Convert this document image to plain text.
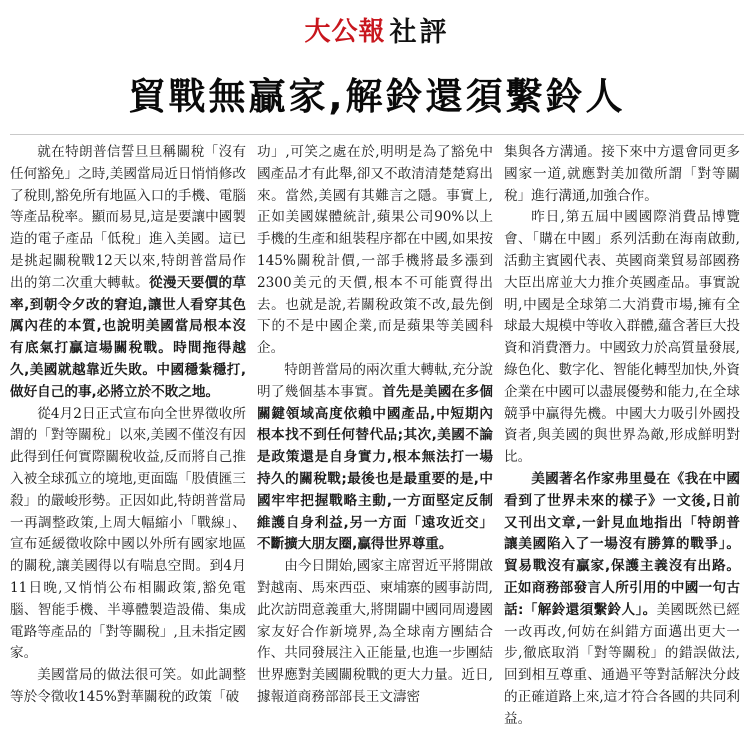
大公報 社評
貿戰無贏家,解鈴還須繫鈴人

就在特朗普信誓旦旦稱關稅「沒有任何豁免」之時,美國當局近日悄悄修改了稅則,豁免所有地區入口的手機、電腦等產品稅率。顯而易見,這是要讓中國製造的電子產品「低稅」進入美國。這已是挑起關稅戰12天以來,特朗普當局作出的第二次重大轉軚。從漫天要價的草率,到朝令夕改的窘迫,讓世人看穿其色厲內荏的本質,也說明美國當局根本沒有底氣打贏這場關稅戰。時間拖得越久,美國就越靠近失敗。中國穩紮穩打,做好自己的事,必將立於不敗之地。

從4月2日正式宣布向全世界徵收所謂的「對等關稅」以來,美國不僅沒有因此得到任何實際關稅收益,反而將自己推入被全球孤立的境地,更面臨「股債匯三殺」的嚴峻形勢。正因如此,特朗普當局一再調整政策,上周大幅縮小「戰線」、宣布延緩徵收除中國以外所有國家地區的關稅,讓美國得以有喘息空間。到4月11日晚,又悄悄公布相關政策,豁免電腦、智能手機、半導體製造設備、集成電路等產品的「對等關稅」,且未指定國家。

美國當局的做法很可笑。如此調整等於令徵收145%對華關稅的政策「破

功」,可笑之處在於,明明是為了豁免中國產品才有此舉,卻又不敢清清楚楚寫出來。當然,美國有其難言之隱。事實上,正如美國媒體統計,蘋果公司90%以上手機的生產和組裝程序都在中國,如果按145%關稅計價,一部手機將最多漲到2300美元的天價,根本不可能賣得出去。也就是說,若關稅政策不改,最先倒下的不是中國企業,而是蘋果等美國科企。

特朗普當局的兩次重大轉軚,充分說明了幾個基本事實。首先是美國在多個關鍵領域高度依賴中國產品,中短期內根本找不到任何替代品;其次,美國不論是政策還是自身實力,根本無法打一場持久的關稅戰;最後也是最重要的是,中國牢牢把握戰略主動,一方面堅定反制維護自身利益,另一方面「遠攻近交」不斷擴大朋友圈,贏得世界尊重。

由今日開始,國家主席習近平將開啟對越南、馬來西亞、柬埔寨的國事訪問,此次訪問意義重大,將開闢中國同周邊國家友好合作新境界,為全球南方團結合作、共同發展注入正能量,也進一步團結世界應對美國關稅戰的更大力量。近日,據報道商務部部長王文濤密

集與各方溝通。接下來中方還會同更多國家一道,就應對美加徵所謂「對等關稅」進行溝通,加強合作。

昨日,第五屆中國國際消費品博覽會、「購在中國」系列活動在海南啟動,活動主賓國代表、英國商業貿易部國務大臣出席並大力推介英國產品。事實說明,中國是全球第二大消費市場,擁有全球最大規模中等收入群體,蘊含著巨大投資和消費潛力。中國致力於高質量發展,綠色化、數字化、智能化轉型加快,外資企業在中國可以盡展優勢和能力,在全球競爭中贏得先機。中國大力吸引外國投資者,與美國的與世界為敵,形成鮮明對比。

美國著名作家弗里曼在《我在中國看到了世界未來的樣子》一文後,日前又刊出文章,一針見血地指出「特朗普讓美國陷入了一場沒有勝算的戰爭」。貿易戰沒有贏家,保護主義沒有出路。正如商務部發言人所引用的中國一句古話:「解鈴還須繫鈴人」。美國既然已經一改再改,何妨在糾錯方面邁出更大一步,徹底取消「對等關稅」的錯誤做法,回到相互尊重、通過平等對話解決分歧的正確道路上來,這才符合各國的共同利益。
